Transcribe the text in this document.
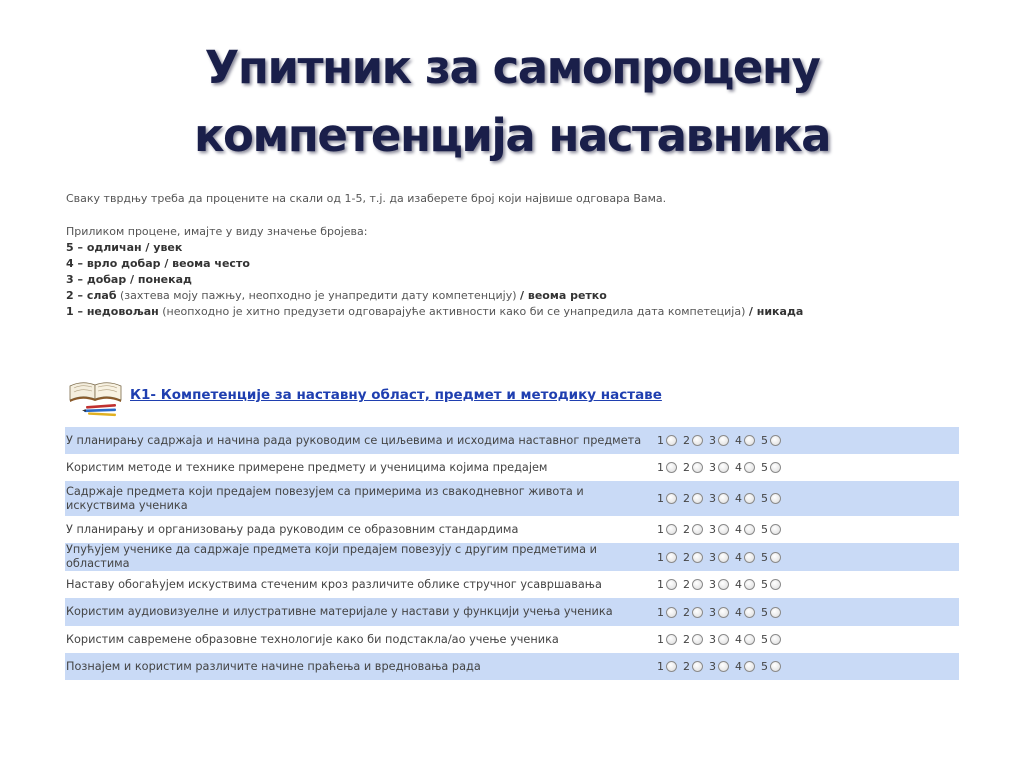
Упитник за самопроцену
компетенција наставника
Сваку тврдњу треба да процените на скали од 1-5, т.ј. да изаберете број који највише одговара Вама.
Приликом процене, имајте у виду значење бројева:
5 – одличан / увек
4 – врло добар / веома често
3 – добар / понекад
2 – слаб (захтева моју пажњу, неопходно је унапредити дату компетенцију) / веома ретко
1 – недовољан (неопходно је хитно предузети одговарајуће активности како би се унапредила дата компетеција) / никада
К1- Компетенције за наставну област, предмет и методику наставе
У планирању садржаја и начина рада руководим се циљевима и исходима наставног предмета	1 2 3 4 5
Користим методе и технике примерене предмету и ученицима којима предајем	1 2 3 4 5
Садржаје предмета који предајем повезујем са примерима из свакодневног живота и искуствима ученика	1 2 3 4 5
У планирању и организовању рада руководим се образовним стандардима	1 2 3 4 5
Упућујем ученике да садржаје предмета који предајем повезују с другим предметима и областима	1 2 3 4 5
Наставу обогаћујем искуствима стеченим кроз различите облике стручног усавршавања	1 2 3 4 5
Користим аудиовизуелне и илустративне материјале у настави у функцији учења ученика	1 2 3 4 5
Користим савремене образовне технологије како би подстакла/ао учење ученика	1 2 3 4 5
Познајем и користим различите начине праћења и вредновања рада	1 2 3 4 5
